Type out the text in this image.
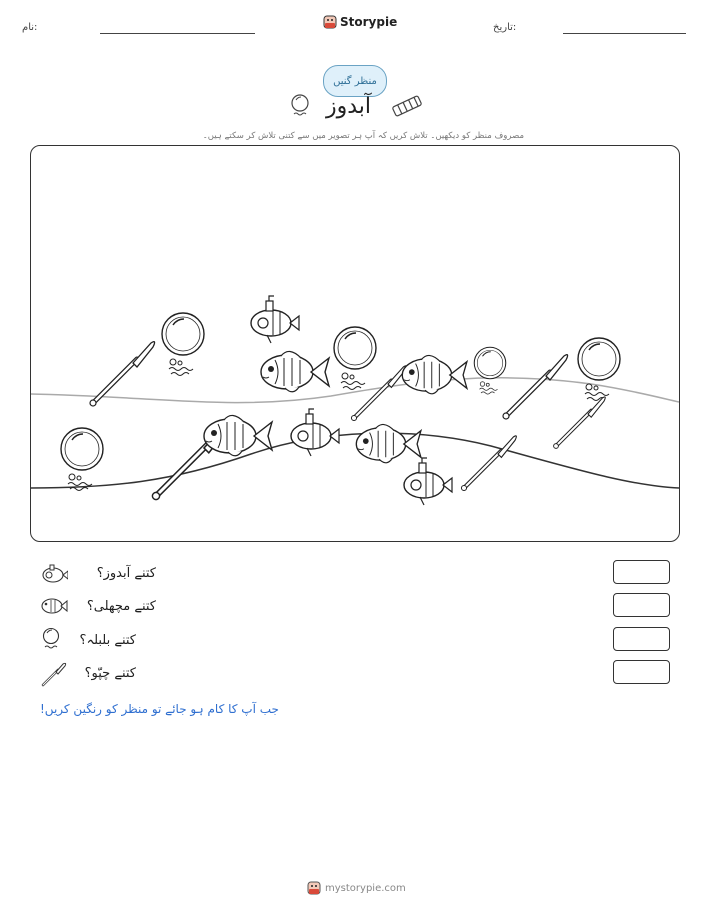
نام:	Storypie	تاریخ:
منظر گنیں
آبدوز
مصروف منظر کو دیکھیں۔ تلاش کریں کہ آپ ہر تصویر میں سے کتنی تلاش کر سکتے ہیں۔
کتنے آبدوز؟
کتنے مچھلی؟
کتنے بلبلہ؟
کتنے چپّو؟
جب آپ کا کام ہو جائے تو منظر کو رنگین کریں!
mystorypie.com
